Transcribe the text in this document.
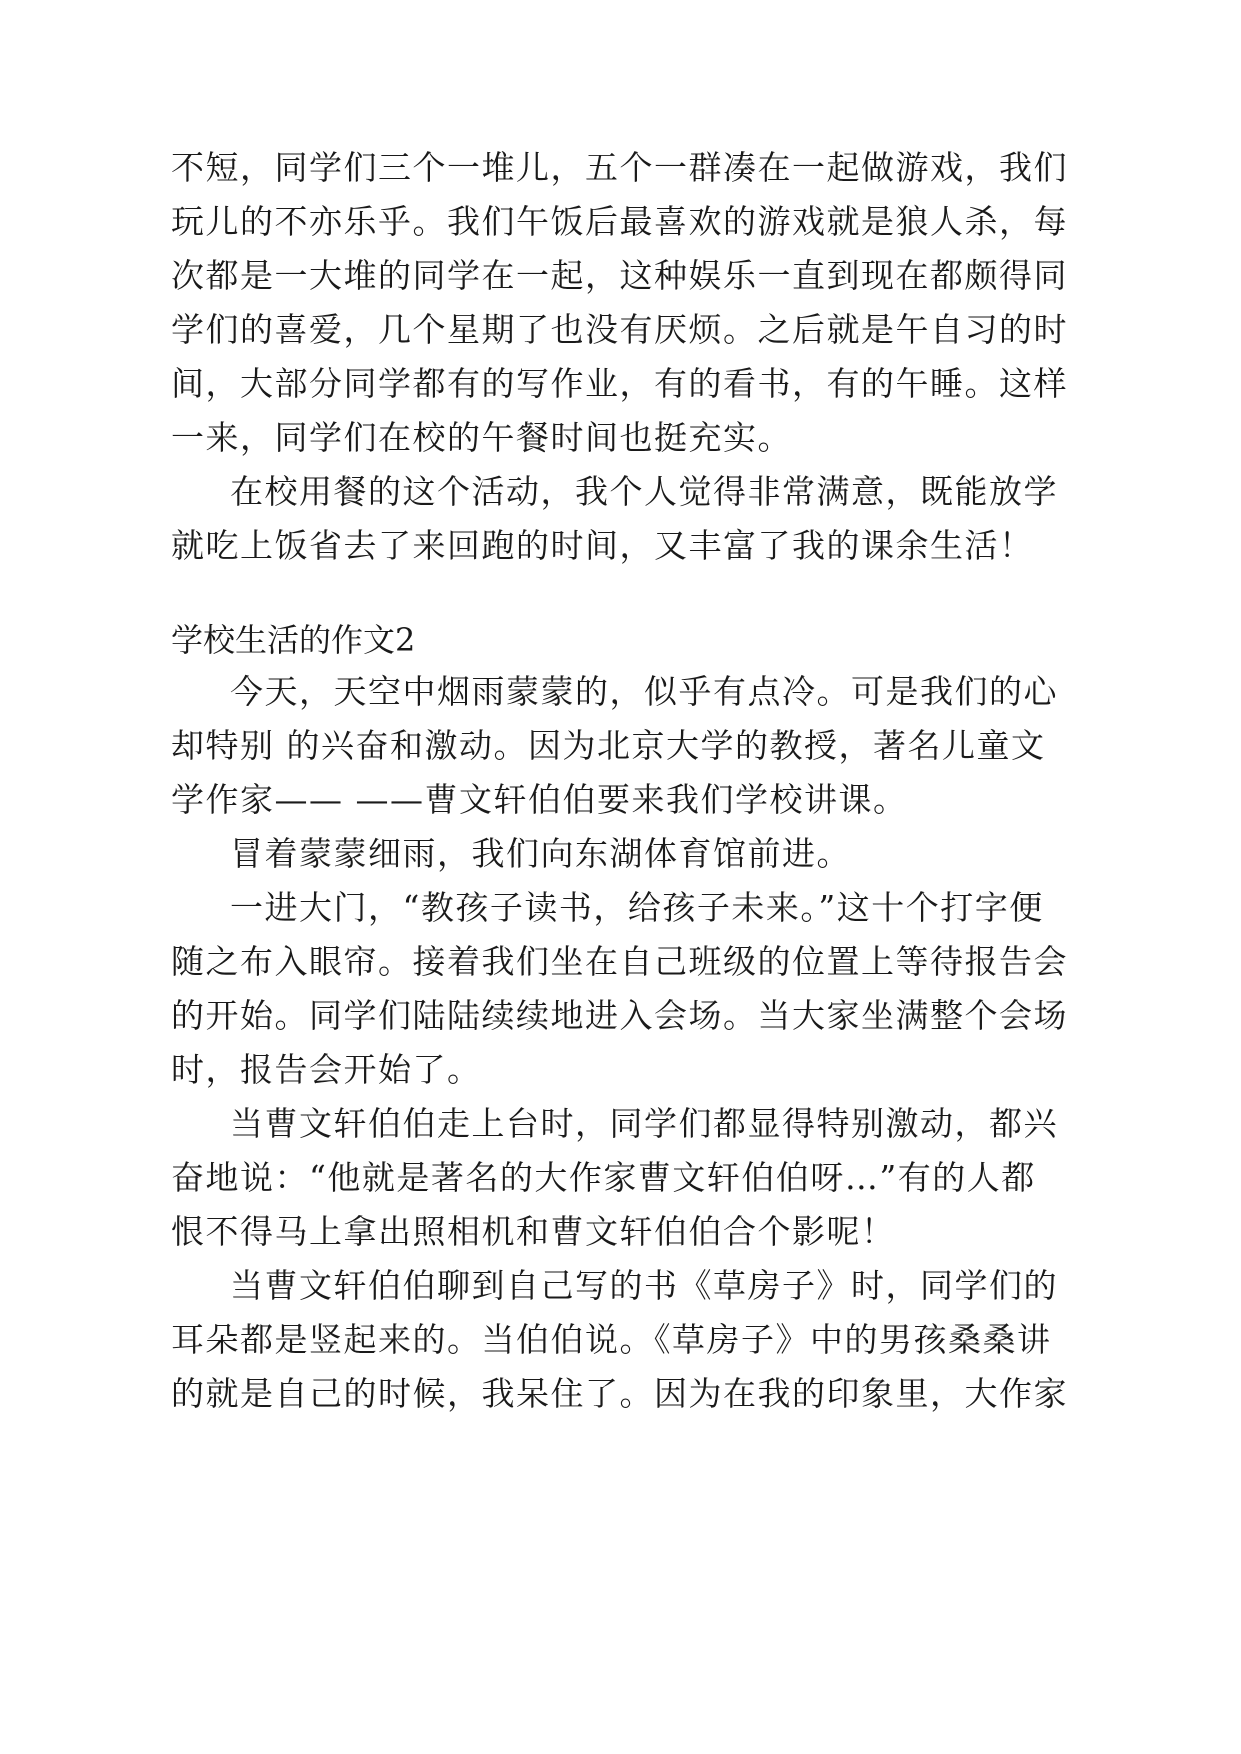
不短，同学们三个一堆儿，五个一群凑在一起做游戏，我们

玩儿的不亦乐乎。我们午饭后最喜欢的游戏就是狼人杀，每

次都是一大堆的同学在一起，这种娱乐一直到现在都颇得同

学们的喜爱，几个星期了也没有厌烦。之后就是午自习的时

间，大部分同学都有的写作业，有的看书，有的午睡。这样

一来，同学们在校的午餐时间也挺充实。

在校用餐的这个活动，我个人觉得非常满意，既能放学

就吃上饭省去了来回跑的时间，又丰富了我的课余生活！

学校生活的作文2

今天，天空中烟雨蒙蒙的，似乎有点冷。可是我们的心

却特别 的兴奋和激动。因为北京大学的教授，著名儿童文

学作家—— ——曹文轩伯伯要来我们学校讲课。

冒着蒙蒙细雨，我们向东湖体育馆前进。

一进大门，“教孩子读书，给孩子未来。”这十个打字便

随之布入眼帘。接着我们坐在自己班级的位置上等待报告会

的开始。同学们陆陆续续地进入会场。当大家坐满整个会场

时，报告会开始了。

当曹文轩伯伯走上台时，同学们都显得特别激动，都兴

奋地说：“他就是著名的大作家曹文轩伯伯呀…”有的人都

恨不得马上拿出照相机和曹文轩伯伯合个影呢！

当曹文轩伯伯聊到自己写的书《草房子》时，同学们的

耳朵都是竖起来的。当伯伯说。《草房子》中的男孩桑桑讲

的就是自己的时候，我呆住了。因为在我的印象里，大作家
